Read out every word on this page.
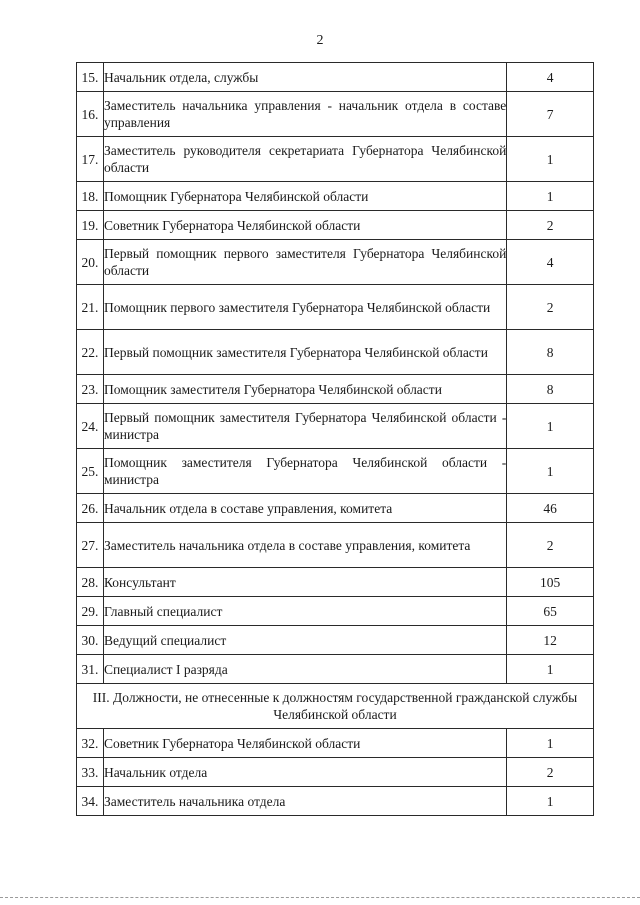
2
15.	Начальник отдела, службы	4
16.	Заместитель начальника управления - начальник отдела в составе управления	7
17.	Заместитель руководителя секретариата Губернатора Челябинской области	1
18.	Помощник Губернатора Челябинской области	1
19.	Советник Губернатора Челябинской области	2
20.	Первый помощник первого заместителя Губернатора Челябинской области	4
21.	Помощник первого заместителя Губернатора Челябинской области	2
22.	Первый помощник заместителя Губернатора Челябинской области	8
23.	Помощник заместителя Губернатора Челябинской области	8
24.	Первый помощник заместителя Губернатора Челябинской области - министра	1
25.	Помощник заместителя Губернатора Челябинской области - министра	1
26.	Начальник отдела в составе управления, комитета	46
27.	Заместитель начальника отдела в составе управления, комитета	2
28.	Консультант	105
29.	Главный специалист	65
30.	Ведущий специалист	12
31.	Специалист I разряда	1
III. Должности, не отнесенные к должностям государственной гражданской службы Челябинской области		
32.	Советник Губернатора Челябинской области	1
33.	Начальник отдела	2
34.	Заместитель начальника отдела	1
